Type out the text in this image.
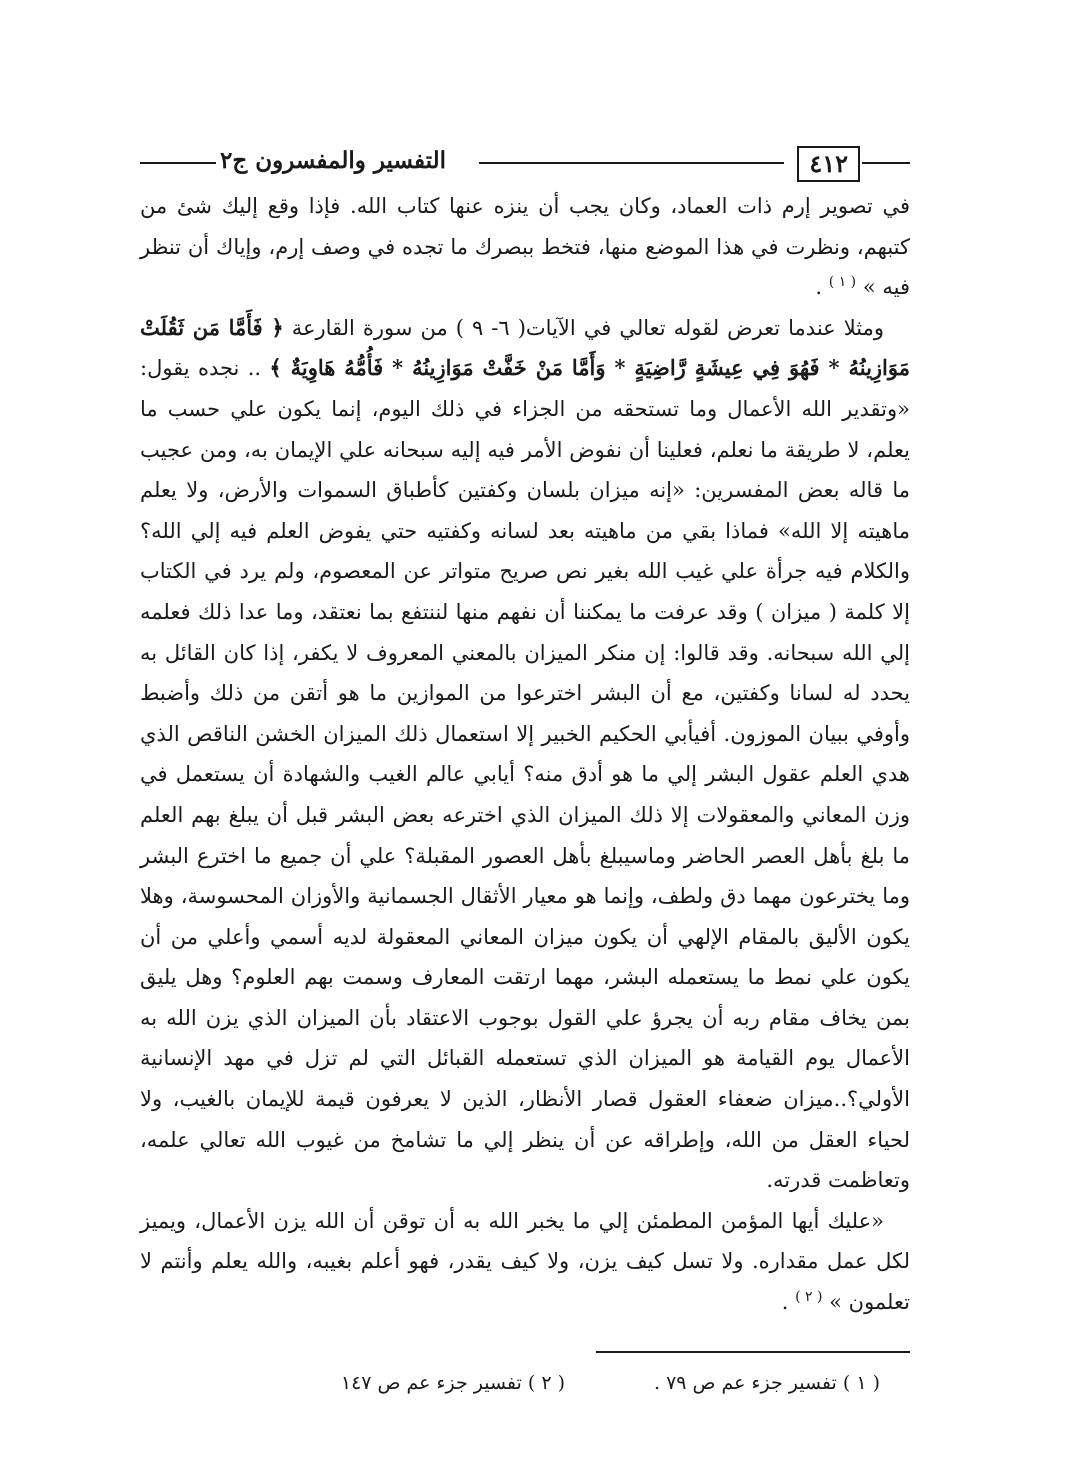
٤١٢
التفسير والمفسرون ج٢

في تصوير إرم ذات العماد، وكان يجب أن ينزه عنها كتاب الله. فإذا وقع إليك شئ من كتبهم، ونظرت في هذا الموضع منها، فتخط ببصرك ما تجده في وصف إرم، وإياك أن تنظر فيه » $^{( ١ )}$ .

ومثلا عندما تعرض لقوله تعالي في الآيات( ٦- ٩ ) من سورة القارعة ﴿ فَأَمَّا مَن ثَقُلَتْ مَوَازِينُهُ * فَهُوَ فِي عِيشَةٍ رَّاضِيَةٍ * وَأَمَّا مَنْ خَفَّتْ مَوَازِينُهُ * فَأُمُّهُ هَاوِيَةٌ ﴾ .. نجده يقول: «وتقدير الله الأعمال وما تستحقه من الجزاء في ذلك اليوم، إنما يكون علي حسب ما يعلم، لا طريقة ما نعلم، فعلينا أن نفوض الأمر فيه إليه سبحانه علي الإيمان به، ومن عجيب ما قاله بعض المفسرين: «إنه ميزان بلسان وكفتين كأطباق السموات والأرض، ولا يعلم ماهيته إلا الله» فماذا بقي من ماهيته بعد لسانه وكفتيه حتي يفوض العلم فيه إلي الله؟ والكلام فيه جرأة علي غيب الله بغير نص صريح متواتر عن المعصوم، ولم يرد في الكتاب إلا كلمة ( ميزان ) وقد عرفت ما يمكننا أن نفهم منها لننتفع بما نعتقد، وما عدا ذلك فعلمه إلي الله سبحانه. وقد قالوا: إن منكر الميزان بالمعني المعروف لا يكفر، إذا كان القائل به يحدد له لسانا وكفتين، مع أن البشر اخترعوا من الموازين ما هو أتقن من ذلك وأضبط وأوفي ببيان الموزون. أفيأبي الحكيم الخبير إلا استعمال ذلك الميزان الخشن الناقص الذي هدي العلم عقول البشر إلي ما هو أدق منه؟ أيابي عالم الغيب والشهادة أن يستعمل في وزن المعاني والمعقولات إلا ذلك الميزان الذي اخترعه بعض البشر قبل أن يبلغ بهم العلم ما بلغ بأهل العصر الحاضر وماسيبلغ بأهل العصور المقبلة؟ علي أن جميع ما اخترع البشر وما يخترعون مهما دق ولطف، وإنما هو معيار الأثقال الجسمانية والأوزان المحسوسة، وهلا يكون الأليق بالمقام الإلهي أن يكون ميزان المعاني المعقولة لديه أسمي وأعلي من أن يكون علي نمط ما يستعمله البشر، مهما ارتقت المعارف وسمت بهم العلوم؟ وهل يليق بمن يخاف مقام ربه أن يجرؤ علي القول بوجوب الاعتقاد بأن الميزان الذي يزن الله به الأعمال يوم القيامة هو الميزان الذي تستعمله القبائل التي لم تزل في مهد الإنسانية الأولي؟..ميزان ضعفاء العقول قصار الأنظار، الذين لا يعرفون قيمة للإيمان بالغيب، ولا لحياء العقل من الله، وإطراقه عن أن ينظر إلي ما تشامخ من غيوب الله تعالي علمه، وتعاظمت قدرته.

«عليك أيها المؤمن المطمئن إلي ما يخبر الله به أن توقن أن الله يزن الأعمال، ويميز لكل عمل مقداره. ولا تسل كيف يزن، ولا كيف يقدر، فهو أعلم بغيبه، والله يعلم وأنتم لا تعلمون » $^{( ٢ )}$ .

( ١ ) تفسير جزء عم ص ٧٩ .
( ٢ ) تفسير جزء عم ص ١٤٧
